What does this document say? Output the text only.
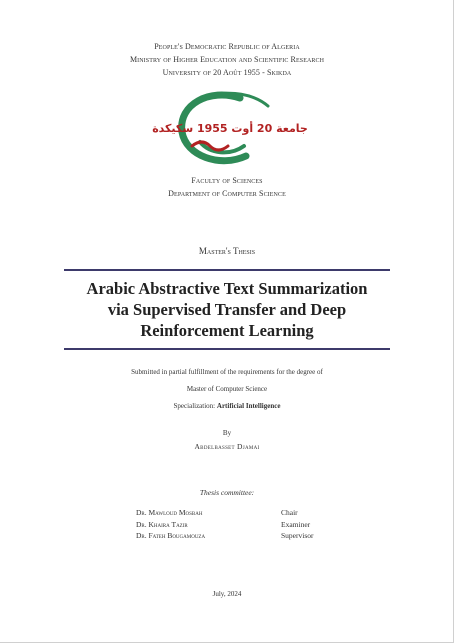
People's Democratic Republic of Algeria
Ministry of Higher Education and Scientific Research
University of 20 Août 1955 - Skikda
جامعة 20 أوت 1955 سكيكدة
Faculty of Sciences
Department of Computer Science
Master's Thesis
Arabic Abstractive Text Summarization
via Supervised Transfer and Deep
Reinforcement Learning
Submitted in partial fulfillment of the requirements for the degree of
Master of Computer Science
Specialization: Artificial Intelligence
By
Abdelbasset Djamai
Thesis committee:
Dr. Mawloud Mosbah	Chair
Dr. Khaira Tazir	Examiner
Dr. Fateh Bougamouza	Supervisor
July, 2024
